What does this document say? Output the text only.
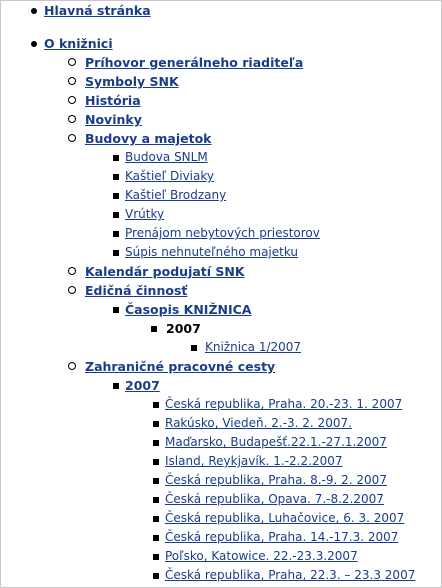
Hlavná stránka
O knižnici
Príhovor generálneho riaditeľa
Symboly SNK
História
Novinky
Budovy a majetok
Budova SNLM
Kaštieľ Diviaky
Kaštieľ Brodzany
Vrútky
Prenájom nebytových priestorov
Súpis nehnuteľného majetku
Kalendár podujatí SNK
Edičná činnosť
Časopis KNIŽNICA
2007
Knižnica 1/2007
Zahraničné pracovné cesty
2007
Česká republika, Praha. 20.-23. 1. 2007
Rakúsko, Viedeň. 2.-3. 2. 2007.
Maďarsko, Budapešť.22.1.-27.1.2007
Island, Reykjavík. 1.-2.2.2007
Česká republika, Praha. 8.-9. 2. 2007
Česká republika, Opava. 7.-8.2.2007
Česká republika, Luhačovice, 6. 3. 2007
Česká republika, Praha. 14.-17.3. 2007
Poľsko, Katowice. 22.-23.3.2007
Česká republika, Praha, 22.3. – 23.3 2007
